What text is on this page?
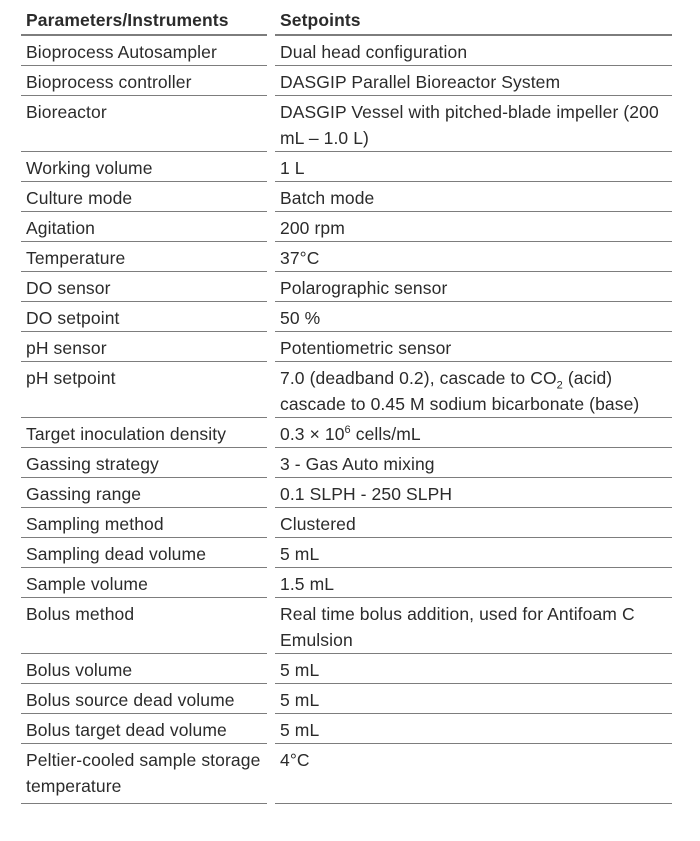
Parameters/Instruments	Setpoints
Bioprocess Autosampler	Dual head configuration
Bioprocess controller	DASGIP Parallel Bioreactor System
Bioreactor	DASGIP Vessel with pitched-blade impeller (200 mL – 1.0 L)
Working volume	1 L
Culture mode	Batch mode
Agitation	200 rpm
Temperature	37°C
DO sensor	Polarographic sensor
DO setpoint	50 %
pH sensor	Potentiometric sensor
pH setpoint	7.0 (deadband 0.2), cascade to $CO_2$ (acid) cascade to 0.45 M sodium bicarbonate (base)
Target inoculation density	$0.3 \times 10^6$ cells/mL
Gassing strategy	3 - Gas Auto mixing
Gassing range	0.1 SLPH - 250 SLPH
Sampling method	Clustered
Sampling dead volume	5 mL
Sample volume	1.5 mL
Bolus method	Real time bolus addition, used for Antifoam C Emulsion
Bolus volume	5 mL
Bolus source dead volume	5 mL
Bolus target dead volume	5 mL
Peltier-cooled sample storage temperature	4°C
